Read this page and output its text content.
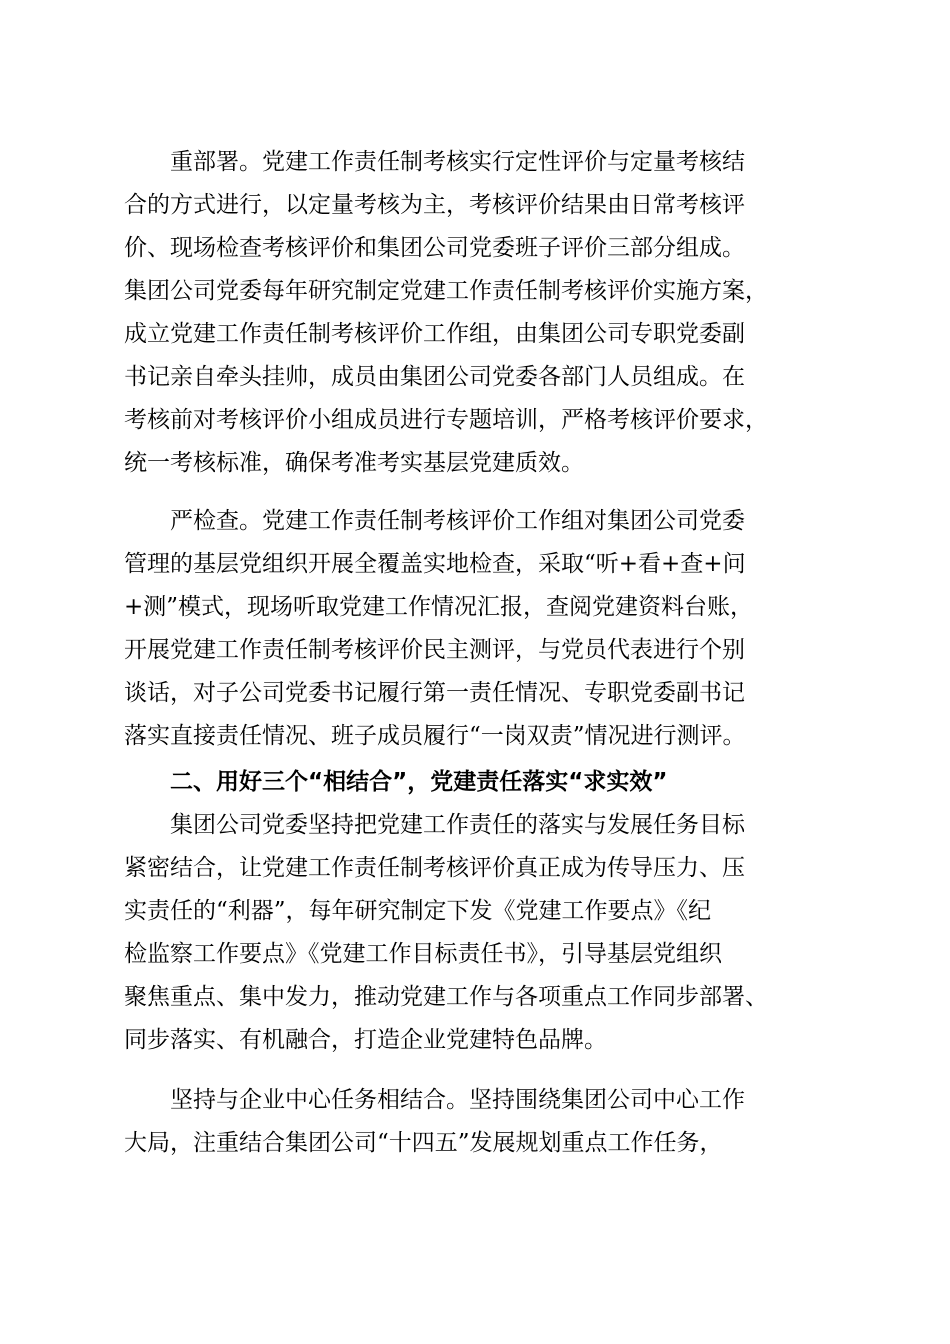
重部署。党建工作责任制考核实行定性评价与定量考核结
合的方式进行，以定量考核为主，考核评价结果由日常考核评
价、现场检查考核评价和集团公司党委班子评价三部分组成。
集团公司党委每年研究制定党建工作责任制考核评价实施方案，
成立党建工作责任制考核评价工作组，由集团公司专职党委副
书记亲自牵头挂帅，成员由集团公司党委各部门人员组成。在
考核前对考核评价小组成员进行专题培训，严格考核评价要求，
统一考核标准，确保考准考实基层党建质效。
严检查。党建工作责任制考核评价工作组对集团公司党委
管理的基层党组织开展全覆盖实地检查，采取“听+看+查+问
+测”模式，现场听取党建工作情况汇报，查阅党建资料台账，
开展党建工作责任制考核评价民主测评，与党员代表进行个别
谈话，对子公司党委书记履行第一责任情况、专职党委副书记
落实直接责任情况、班子成员履行“一岗双责”情况进行测评。
二、用好三个“相结合”，党建责任落实“求实效”
集团公司党委坚持把党建工作责任的落实与发展任务目标
紧密结合，让党建工作责任制考核评价真正成为传导压力、压
实责任的“利器”，每年研究制定下发《党建工作要点》《纪
检监察工作要点》《党建工作目标责任书》，引导基层党组织
聚焦重点、集中发力，推动党建工作与各项重点工作同步部署、
同步落实、有机融合，打造企业党建特色品牌。
坚持与企业中心任务相结合。坚持围绕集团公司中心工作
大局，注重结合集团公司“十四五”发展规划重点工作任务，
